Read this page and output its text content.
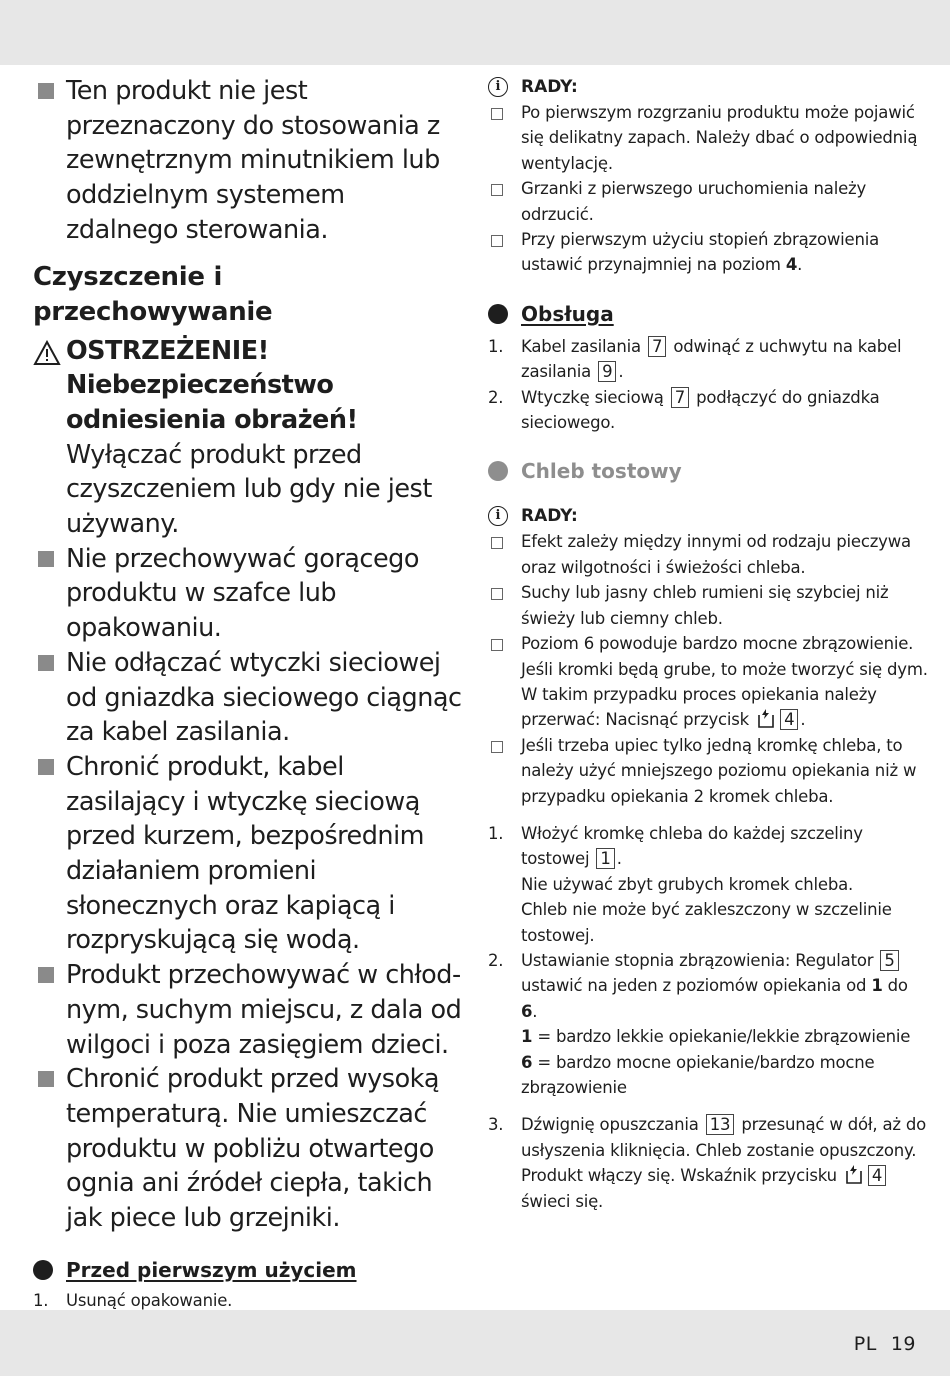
Ten produkt nie jest przeznaczony do stosowania z zewnętrznym minutnikiem lub oddzielnym systemem zdalnego sterowania.
Czyszczenie i przechowywanie
OSTRZEŻENIE!
Niebezpieczeństwo odniesienia obrażeń!
Wyłączać produkt przed czyszczeniem lub gdy nie jest używany.
Nie przechowywać gorącego produktu w szafce lub opakowaniu.
Nie odłączać wtyczki sieciowej od gniazdka sieciowego ciągnąc za kabel zasilania.
Chronić produkt, kabel zasilający i wtyczkę sieciową przed kurzem, bezpośrednim działaniem promieni słonecznych oraz kapiącą i rozpryskującą się wodą.
Produkt przechowywać w chłodnym, suchym miejscu, z dala od wilgoci i poza zasięgiem dzieci.
Chronić produkt przed wysoką temperaturą. Nie umieszczać produktu w pobliżu otwartego ognia ani źródeł ciepła, takich jak piece lub grzejniki.
Przed pierwszym użyciem
1. Usunąć opakowanie.
i	RADY:
Po pierwszym rozgrzaniu produktu może pojawić się delikatny zapach. Należy dbać o odpowiednią wentylację.
Grzanki z pierwszego uruchomienia należy odrzucić.
Przy pierwszym użyciu stopień zbrązowienia ustawić przynajmniej na poziom 4.
Obsługa
1. Kabel zasilania 7 odwinąć z uchwytu na kabel zasilania 9 .
2. Wtyczkę sieciową 7 podłączyć do gniazdka sieciowego.
Chleb tostowy
i	RADY:
Efekt zależy między innymi od rodzaju pieczywa oraz wilgotności i świeżości chleba.
Suchy lub jasny chleb rumieni się szybciej niż świeży lub ciemny chleb.
Poziom 6 powoduje bardzo mocne zbrązowienie. Jeśli kromki będą grube, to może tworzyć się dym. W takim przypadku proces opiekania należy przerwać: Nacisnąć przycisk 4 .
Jeśli trzeba upiec tylko jedną kromkę chleba, to należy użyć mniejszego poziomu opiekania niż w przypadku opiekania 2 kromek chleba.
1. Włożyć kromkę chleba do każdej szczeliny tostowej 1 .
Nie używać zbyt grubych kromek chleba.
Chleb nie może być zakleszczony w szczelinie tostowej.
2. Ustawianie stopnia zbrązowienia: Regulator 5 ustawić na jeden z poziomów opiekania od 1 do 6.
1 = bardzo lekkie opiekanie/lekkie zbrązowienie
6 = bardzo mocne opiekanie/bardzo mocne zbrązowienie
3. Dźwignię opuszczania 13 przesunąć w dół, aż do usłyszenia kliknięcia. Chleb zostanie opuszczony. Produkt włączy się. Wskaźnik przycisku 4 świeci się.
PL 19
